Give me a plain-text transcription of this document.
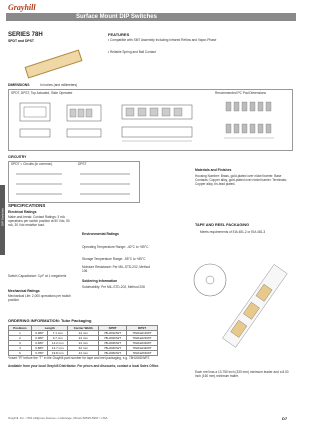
Grayhill
Surface Mount DIP Switches
DIP Switches
SERIES 78H
SPDT and DPST
FEATURES
• Compatible with SMT Assembly Including Infrared Reflow and Vapor-Phase
• Reliable Spring and Ball Contact
DIMENSIONS	In inches (and millimeters)
SPDT, DPST, Top Actuated, Slide Operated	Recommended PC Pad Dimensions
CIRCUITRY
SPDT = Circuits (in common)	DPST
Materials and Finishes
Housing Number: Brass, gold-plated over nickel barrier. Base Contacts: Copper alloy, gold-plated over nickel barrier. Terminals: Copper alloy, tin-lead plated.
SPECIFICATIONS
Electrical Ratings
Make-and-break: Contact Ratings: 3 mA operations per switch position at 50 Vdc, 50 mA, 30 Vdc resistive load.
Switch Capacitance: 3 pF at 1 megahertz
Mechanical Ratings
Mechanical Life: 2,000 operations per switch position
Environmental Ratings
Operating Temperature Range: -40°C to +85°C
Storage Temperature Range: -55°C to +85°C
Moisture Resistance: Per MIL-STD-202, Method 106
Soldering Information
Solderability: Per MIL-STD-202, Method 208
TAPE AND REEL PACKAGING
Meets requirements of EIA 481-2 or EIA 481-3
Each reel has a 13.750 inch (330 mm) minimum leader and a 8.00 inch (160 mm) minimum trailer.
ORDERING INFORMATION: Tube Packaging
Positions	Length		Carrier Width	SPDT	DPST
1	0.280"	7.1 mm	24 mm	78HJ01DWT	78HFa01DWT
2	0.380"	9.7 mm	24 mm	78HJ02DWT	78HFa02DWT
3	0.480"	12.2 mm	24 mm	78HJ03DWT	78HFa03DWT
4	0.580"	14.7 mm	32 mm	78HJ04DWT	78HFa04DWT
6	0.780"	19.8 mm	44 mm	78HJ06DWT	78HFa06DWT
*Insert "R" before the "T" in the Grayhill part number for tape and reel packaging, e.g. 78HJ06DWRT.
Available from your local Grayhill Distributor. For prices and discounts, contact a local Sales Office.
Grayhill, Inc. • 561 Hillgrove Avenue • LaGrange, Illinois 60525-5997 • USA	D7
